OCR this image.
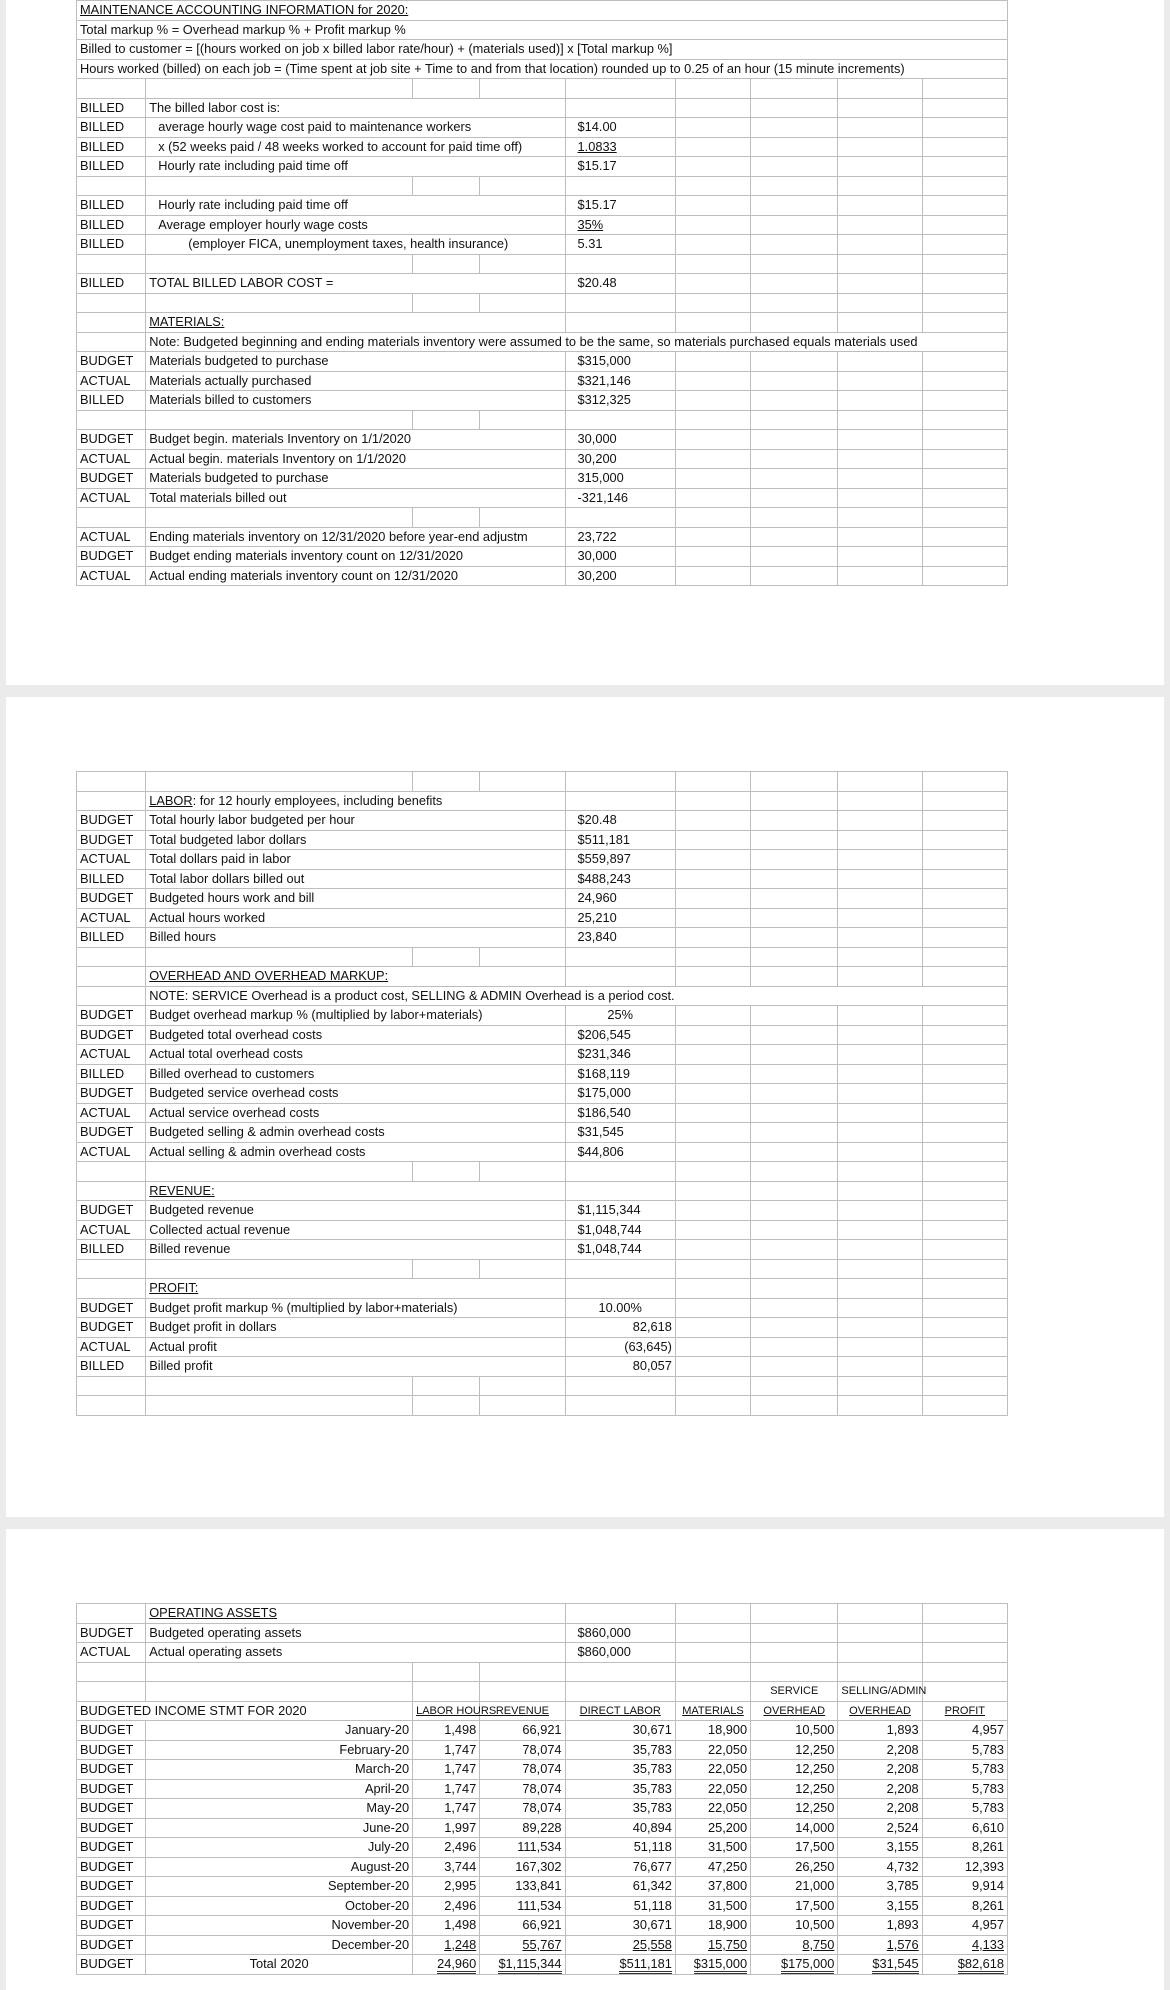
MAINTENANCE ACCOUNTING INFORMATION for 2020:								
Total markup % = Overhead markup % + Profit markup %								
Billed to customer = [(hours worked on job x billed labor rate/hour) + (materials used)] x [Total markup %]								
Hours worked (billed) on each job = (Time spent at job site + Time to and from that location) rounded up to 0.25 of an hour (15 minute increments)								

BILLED	The billed labor cost is:							
BILLED	average hourly wage cost paid to maintenance workers			$14.00				
BILLED	x (52 weeks paid / 48 weeks worked to account for paid time off)			1.0833				
BILLED	Hourly rate including paid time off			$15.17				

BILLED	Hourly rate including paid time off			$15.17				
BILLED	Average employer hourly wage costs			35%				
BILLED	(employer FICA, unemployment taxes, health insurance)			5.31				

BILLED	TOTAL BILLED LABOR COST =			$20.48				

	MATERIALS:							
	Note: Budgeted beginning and ending materials inventory were assumed to be the same, so materials purchased equals materials used							
BUDGET	Materials budgeted to purchase			$315,000				
ACTUAL	Materials actually purchased			$321,146				
BILLED	Materials billed to customers			$312,325				

BUDGET	Budget begin. materials Inventory on 1/1/2020			30,000				
ACTUAL	Actual begin. materials Inventory on 1/1/2020			30,200				
BUDGET	Materials budgeted to purchase			315,000				
ACTUAL	Total materials billed out			-321,146				

ACTUAL	Ending materials inventory on 12/31/2020 before year-end adjustm			23,722				
BUDGET	Budget ending materials inventory count on 12/31/2020			30,000				
ACTUAL	Actual ending materials inventory count on 12/31/2020			30,200				

	LABOR: for 12 hourly employees, including benefits							
BUDGET	Total hourly labor budgeted per hour			$20.48				
BUDGET	Total budgeted labor dollars			$511,181				
ACTUAL	Total dollars paid in labor			$559,897				
BILLED	Total labor dollars billed out			$488,243				
BUDGET	Budgeted hours work and bill			24,960				
ACTUAL	Actual hours worked			25,210				
BILLED	Billed hours			23,840				

	OVERHEAD AND OVERHEAD MARKUP:							
	NOTE: SERVICE Overhead is a product cost, SELLING & ADMIN Overhead is a period cost.							
BUDGET	Budget overhead markup % (multiplied by labor+materials)			25%				
BUDGET	Budgeted total overhead costs			$206,545				
ACTUAL	Actual total overhead costs			$231,346				
BILLED	Billed overhead to customers			$168,119				
BUDGET	Budgeted service overhead costs			$175,000				
ACTUAL	Actual service overhead costs			$186,540				
BUDGET	Budgeted selling & admin overhead costs			$31,545				
ACTUAL	Actual selling & admin overhead costs			$44,806				

	REVENUE:							
BUDGET	Budgeted revenue			$1,115,344				
ACTUAL	Collected actual revenue			$1,048,744				
BILLED	Billed revenue			$1,048,744				

	PROFIT:							
BUDGET	Budget profit markup % (multiplied by labor+materials)			10.00%				
BUDGET	Budget profit in dollars			82,618				
ACTUAL	Actual profit			(63,645)				
BILLED	Billed profit			80,057				

	OPERATING ASSETS							
BUDGET	Budgeted operating assets			$860,000				
ACTUAL	Actual operating assets			$860,000				

						SERVICE	SELLING/ADMIN	
BUDGETED INCOME STMT FOR 2020		LABOR HOURS	REVENUE	DIRECT LABOR	MATERIALS	OVERHEAD	OVERHEAD	PROFIT
BUDGET	January-20	1,498	66,921	30,671	18,900	10,500	1,893	4,957
BUDGET	February-20	1,747	78,074	35,783	22,050	12,250	2,208	5,783
BUDGET	March-20	1,747	78,074	35,783	22,050	12,250	2,208	5,783
BUDGET	April-20	1,747	78,074	35,783	22,050	12,250	2,208	5,783
BUDGET	May-20	1,747	78,074	35,783	22,050	12,250	2,208	5,783
BUDGET	June-20	1,997	89,228	40,894	25,200	14,000	2,524	6,610
BUDGET	July-20	2,496	111,534	51,118	31,500	17,500	3,155	8,261
BUDGET	August-20	3,744	167,302	76,677	47,250	26,250	4,732	12,393
BUDGET	September-20	2,995	133,841	61,342	37,800	21,000	3,785	9,914
BUDGET	October-20	2,496	111,534	51,118	31,500	17,500	3,155	8,261
BUDGET	November-20	1,498	66,921	30,671	18,900	10,500	1,893	4,957
BUDGET	December-20	1,248	55,767	25,558	15,750	8,750	1,576	4,133
BUDGET	Total 2020	24,960	$1,115,344	$511,181	$315,000	$175,000	$31,545	$82,618
